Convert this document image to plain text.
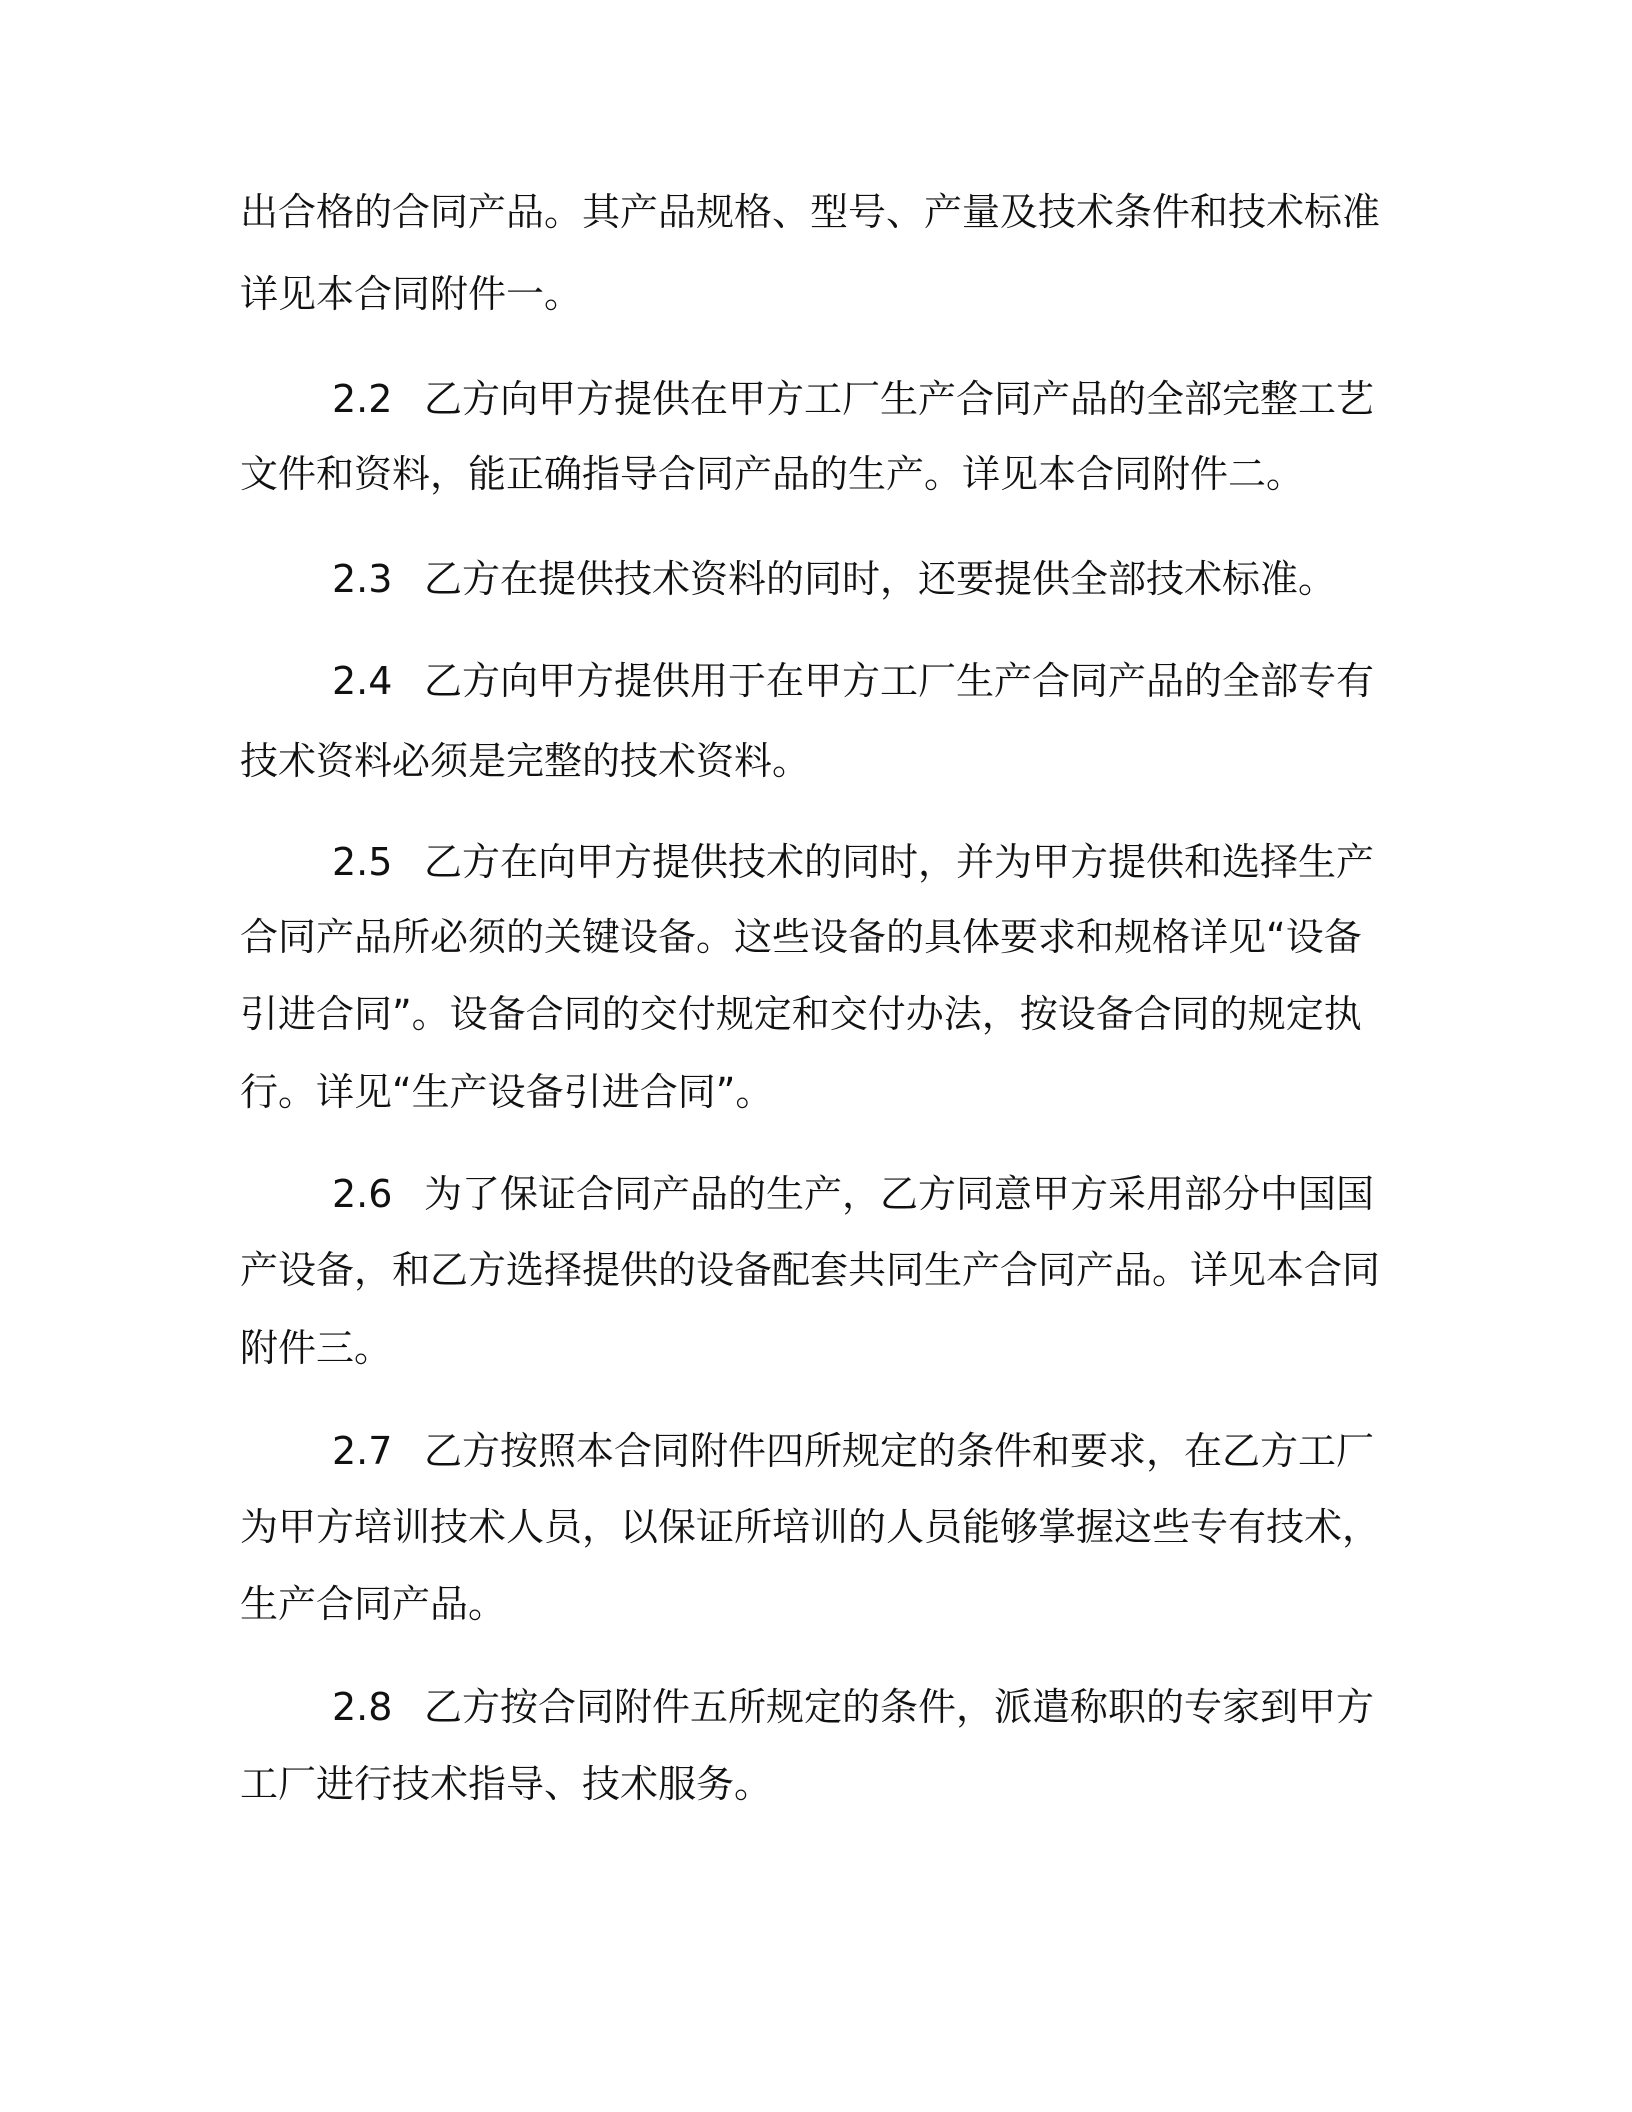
出合格的合同产品。其产品规格、型号、产量及技术条件和技术标准
详见本合同附件一。
2.2 乙方向甲方提供在甲方工厂生产合同产品的全部完整工艺
文件和资料，能正确指导合同产品的生产。详见本合同附件二。
2.3 乙方在提供技术资料的同时，还要提供全部技术标准。
2.4 乙方向甲方提供用于在甲方工厂生产合同产品的全部专有
技术资料必须是完整的技术资料。
2.5 乙方在向甲方提供技术的同时，并为甲方提供和选择生产
合同产品所必须的关键设备。这些设备的具体要求和规格详见“设备
引进合同”。设备合同的交付规定和交付办法，按设备合同的规定执
行。详见“生产设备引进合同”。
2.6 为了保证合同产品的生产，乙方同意甲方采用部分中国国
产设备，和乙方选择提供的设备配套共同生产合同产品。详见本合同
附件三。
2.7 乙方按照本合同附件四所规定的条件和要求，在乙方工厂
为甲方培训技术人员，以保证所培训的人员能够掌握这些专有技术，
生产合同产品。
2.8 乙方按合同附件五所规定的条件，派遣称职的专家到甲方
工厂进行技术指导、技术服务。
